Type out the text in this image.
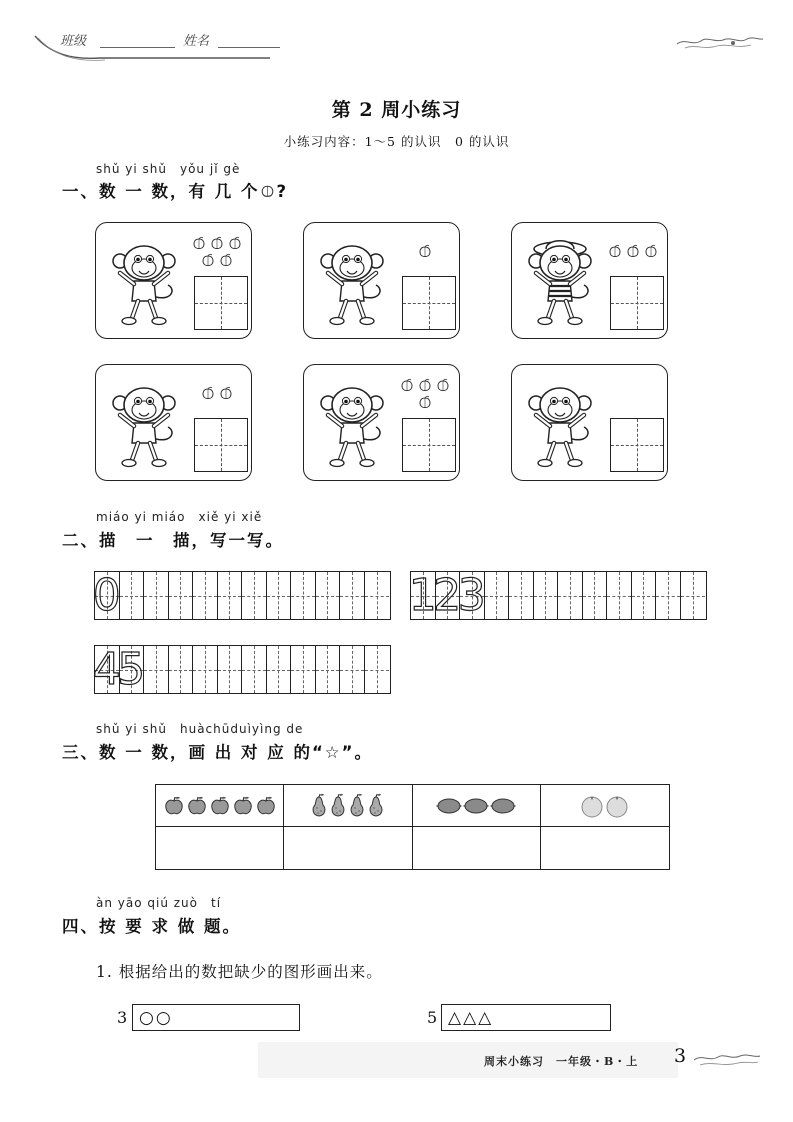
班级	姓名
第 2 周小练习
小练习内容：1～5 的认识　0 的认识
shǔ yi shǔ　yǒu jǐ gè
一、数 一 数，有 几 个 ?
miáo yi miáo　xiě yi xiě
二、描　一　描，写一写。
0	1
2
3
4
5
shǔ yi shǔ　huàchūduìyìng de
三、数 一 数，画 出 对 应 的“☆”。
àn yāo qiú zuò　tí
四、按 要 求 做 题。
1. 根据给出的数把缺少的图形画出来。
3 ○○	5 △△△
周末小练习　一年级・B・上 3
